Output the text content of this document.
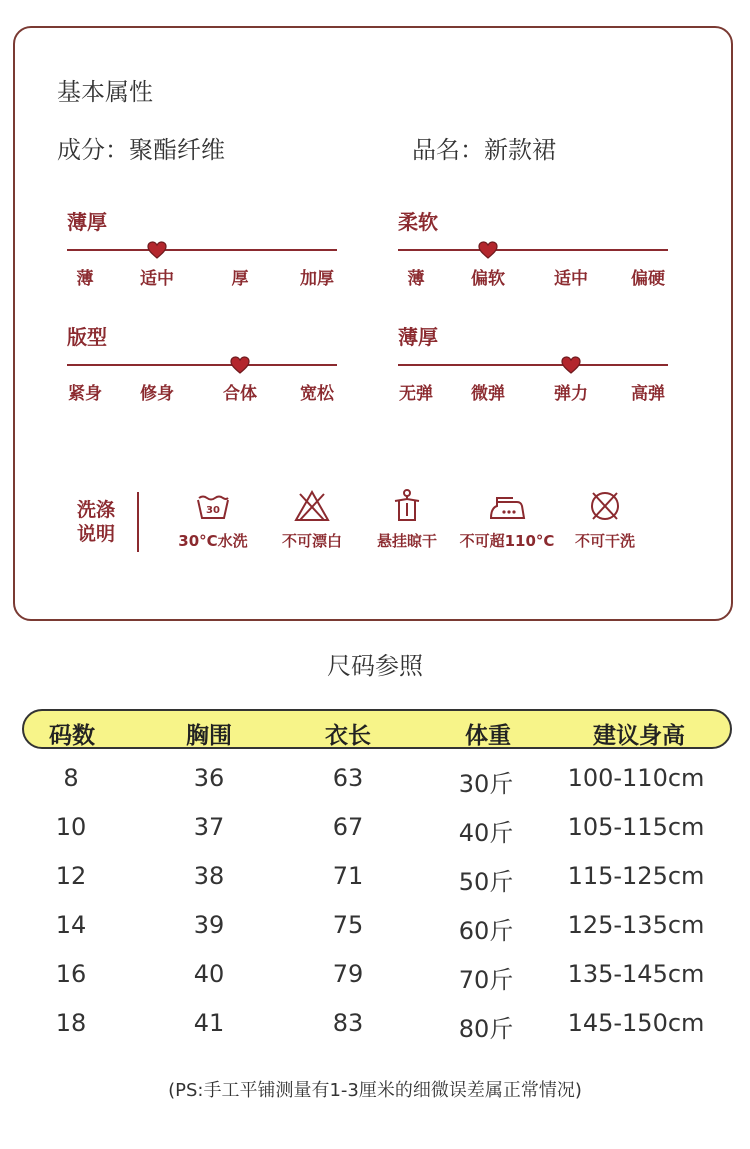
基本属性
成分：聚酯纤维	品名：新款裙
薄厚
薄	适中	厚	加厚
柔软
薄	偏软	适中	偏硬
版型
紧身	修身	合体	宽松
薄厚
无弹	微弹	弹力	高弹
洗涤
说明
30
30°C水洗	不可漂白	悬挂晾干	不可超110°C	不可干洗
尺码参照
码数	胸围	衣长	体重	建议身高
8	36	63	30斤	100-110cm
10	37	67	40斤	105-115cm
12	38	71	50斤	115-125cm
14	39	75	60斤	125-135cm
16	40	79	70斤	135-145cm
18	41	83	80斤	145-150cm
(PS:手工平铺测量有1-3厘米的细微误差属正常情况)
